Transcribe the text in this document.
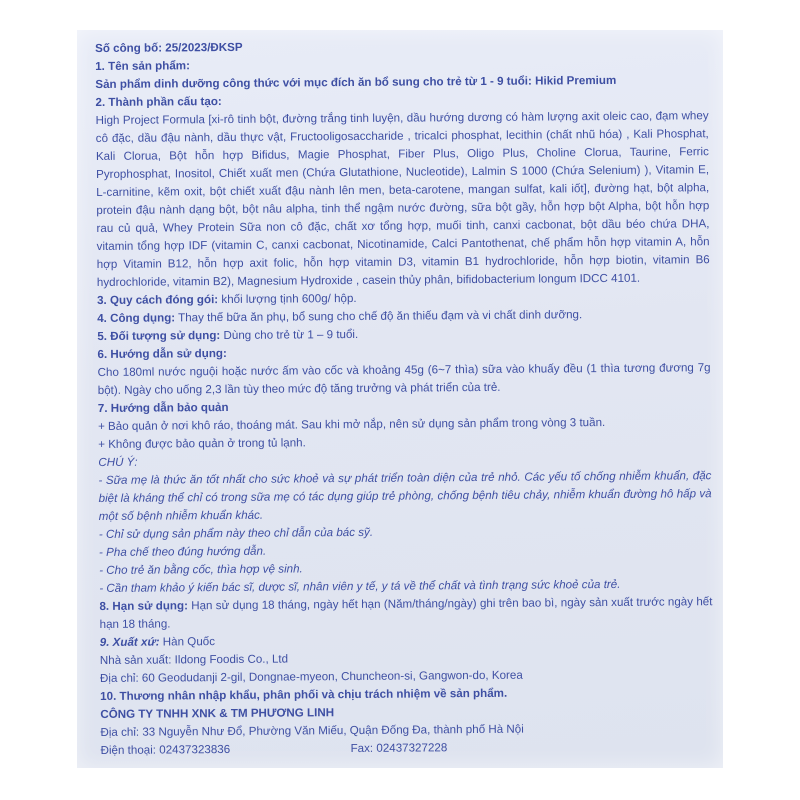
Số công bố: 25/2023/ĐKSP

1. Tên sản phẩm:

Sản phẩm dinh dưỡng công thức với mục đích ăn bổ sung cho trẻ từ 1 - 9 tuổi: Hikid Premium

2. Thành phần cấu tạo:

High Project Formula [xi-rô tinh bột, đường trắng tinh luyện, dầu hướng dương có hàm lượng axit oleic cao, đạm whey cô đặc, dầu đậu nành, dầu thực vật, Fructooligosaccharide , tricalci phosphat, lecithin (chất nhũ hóa) , Kali Phosphat, Kali Clorua, Bột hỗn hợp Bifidus, Magie Phosphat, Fiber Plus, Oligo Plus, Choline Clorua, Taurine, Ferric Pyrophosphat, Inositol, Chiết xuất men (Chứa Glutathione, Nucleotide), Lalmin S 1000 (Chứa Selenium) ), Vitamin E, L-carnitine, kẽm oxit, bột chiết xuất đậu nành lên men, beta-carotene, mangan sulfat, kali iốt], đường hạt, bột alpha, protein đậu nành dạng bột, bột nâu alpha, tinh thể ngậm nước đường, sữa bột gầy, hỗn hợp bột Alpha, bột hỗn hợp rau củ quả, Whey Protein Sữa non cô đặc, chất xơ tổng hợp, muối tinh, canxi cacbonat, bột dầu béo chứa DHA, vitamin tổng hợp IDF (vitamin C, canxi cacbonat, Nicotinamide, Calci Pantothenat, chế phẩm hỗn hợp vitamin A, hỗn hợp Vitamin B12, hỗn hợp axit folic, hỗn hợp vitamin D3, vitamin B1 hydrochloride, hỗn hợp biotin, vitamin B6 hydrochloride, vitamin B2), Magnesium Hydroxide , casein thủy phân, bifidobacterium longum IDCC 4101.

3. Quy cách đóng gói: khối lượng tịnh 600g/ hộp.

4. Công dụng: Thay thế bữa ăn phụ, bổ sung cho chế độ ăn thiếu đạm và vi chất dinh dưỡng.

5. Đối tượng sử dụng: Dùng cho trẻ từ 1 – 9 tuổi.

6. Hướng dẫn sử dụng:

Cho 180ml nước nguội hoặc nước ấm vào cốc và khoảng 45g (6~7 thìa) sữa vào khuấy đều (1 thìa tương đương 7g bột). Ngày cho uống 2,3 lần tùy theo mức độ tăng trưởng và phát triển của trẻ.

7. Hướng dẫn bảo quản

+ Bảo quản ở nơi khô ráo, thoáng mát. Sau khi mở nắp, nên sử dụng sản phẩm trong vòng 3 tuần.

+ Không được bảo quản ở trong tủ lạnh.

CHÚ Ý:

- Sữa mẹ là thức ăn tốt nhất cho sức khoẻ và sự phát triển toàn diện của trẻ nhỏ. Các yếu tố chống nhiễm khuẩn, đặc biệt là kháng thể chỉ có trong sữa mẹ có tác dụng giúp trẻ phòng, chống bệnh tiêu chảy, nhiễm khuẩn đường hô hấp và một số bệnh nhiễm khuẩn khác.

- Chỉ sử dụng sản phẩm này theo chỉ dẫn của bác sỹ.

- Pha chế theo đúng hướng dẫn.

- Cho trẻ ăn bằng cốc, thìa hợp vệ sinh.

- Cần tham khảo ý kiến bác sĩ, dược sĩ, nhân viên y tế, y tá về thể chất và tình trạng sức khoẻ của trẻ.

8. Hạn sử dụng: Hạn sử dụng 18 tháng, ngày hết hạn (Năm/tháng/ngày) ghi trên bao bì, ngày sản xuất trước ngày hết hạn 18 tháng.

9. Xuất xứ: Hàn Quốc

Nhà sản xuất: Ildong Foodis Co., Ltd

Địa chỉ: 60 Geodudanji 2-gil, Dongnae-myeon, Chuncheon-si, Gangwon-do, Korea

10. Thương nhân nhập khẩu, phân phối và chịu trách nhiệm về sản phẩm.

CÔNG TY TNHH XNK & TM PHƯƠNG LINH

Địa chỉ: 33 Nguyễn Như Đổ, Phường Văn Miếu, Quận Đống Đa, thành phố Hà Nội

Điện thoại: 02437323836	Fax: 02437327228
